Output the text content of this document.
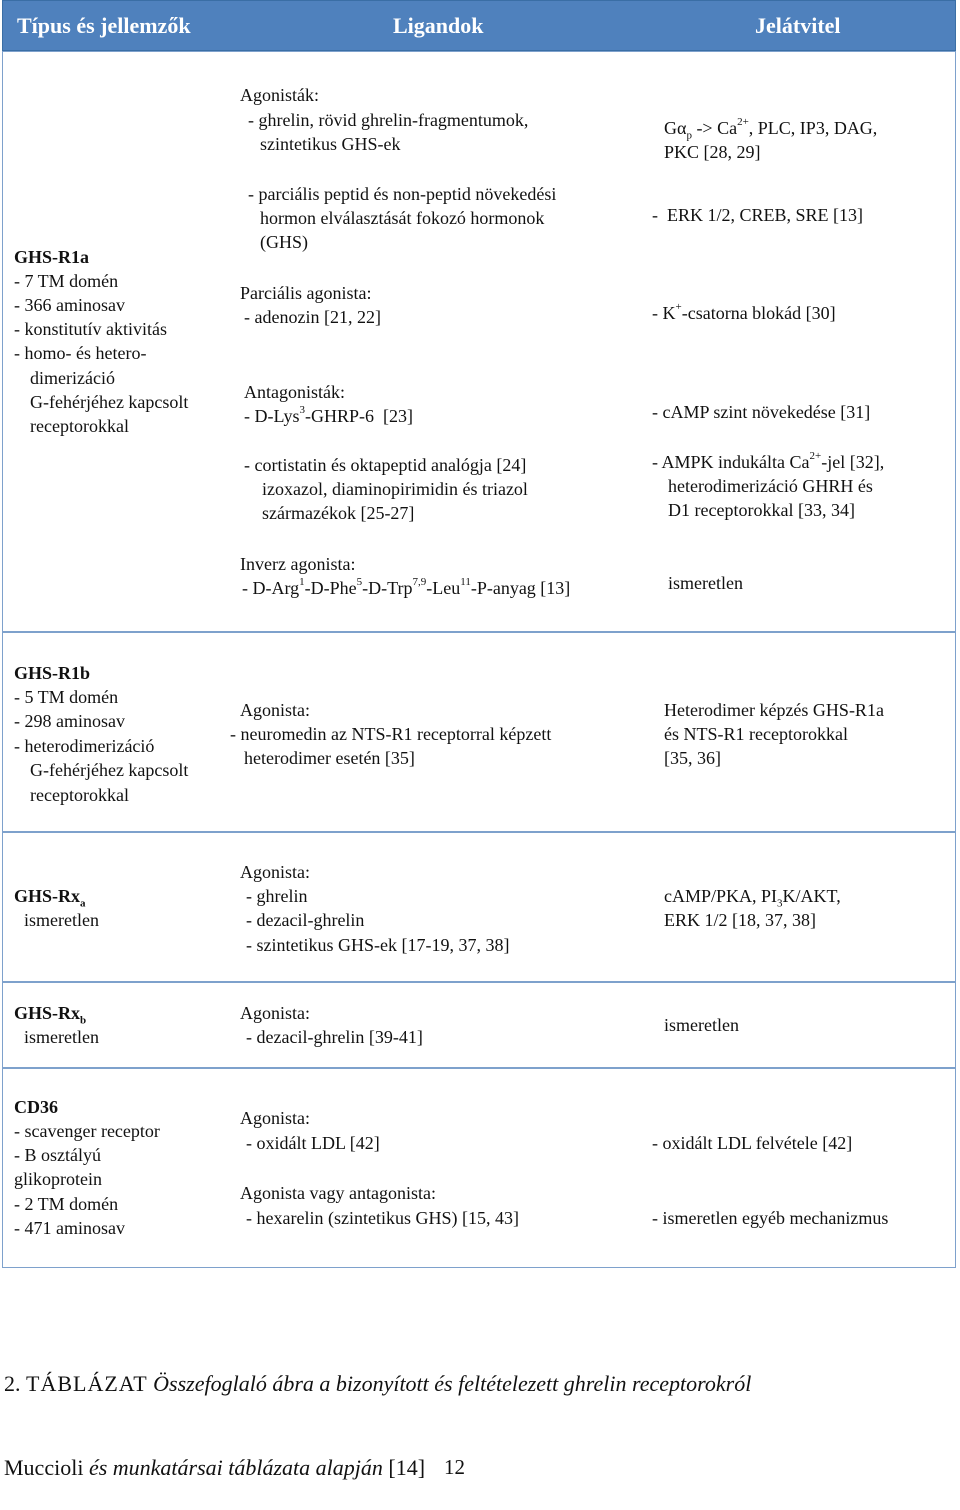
Típus és jellemzők	Ligandok	Jelátvitel
GHS-R1a
- 7 TM domén
- 366 aminosav
- konstitutív aktivitás
- homo- és hetero-
dimerizáció
G-fehérjéhez kapcsolt
receptorokkal
Agonisták:
- ghrelin, rövid ghrelin-fragmentumok,
szintetikus GHS-ek
- parciális peptid és non-peptid növekedési
hormon elválasztását fokozó hormonok
(GHS)
Parciális agonista:
- adenozin [21, 22]
Antagonisták:
- D-Lys$^3$-GHRP-6  [23]
- cortistatin és oktapeptid analógja [24]
izoxazol, diaminopirimidin és triazol
származékok [25-27]
Inverz agonista:
- D-Arg$^1$-D-Phe$^5$-D-Trp$^{7,9}$-Leu$^{11}$-P-anyag [13]
$G\alpha_p -> Ca^{2+}$, PLC, IP3, DAG,
PKC [28, 29]
-  ERK 1/2, CREB, SRE [13]
- K+-csatorna blokád [30]
- cAMP szint növekedése [31]
- AMPK indukálta $Ca^{2+}$-jel [32],
heterodimerizáció GHRH és
D1 receptorokkal [33, 34]
ismeretlen
GHS-R1b
- 5 TM domén
- 298 aminosav
- heterodimerizáció
G-fehérjéhez kapcsolt
receptorokkal
Agonista:
- neuromedin az NTS-R1 receptorral képzett
heterodimer esetén [35]
Heterodimer képzés GHS-R1a
és NTS-R1 receptorokkal
[35, 36]
GHS-$Rx_a$
ismeretlen
Agonista:
- ghrelin
- dezacil-ghrelin
- szintetikus GHS-ek [17-19, 37, 38]
cAMP/PKA, $PI_3K$/AKT,
ERK 1/2 [18, 37, 38]
GHS-$Rx_b$
ismeretlen
Agonista:
- dezacil-ghrelin [39-41]
ismeretlen
CD36
- scavenger receptor
- B osztályú
glikoprotein
- 2 TM domén
- 471 aminosav
Agonista:
- oxidált LDL [42]
Agonista vagy antagonista:
- hexarelin (szintetikus GHS) [15, 43]
- oxidált LDL felvétele [42]
- ismeretlen egyéb mechanizmus

2. TÁBLÁZAT Összefoglaló ábra a bizonyított és feltételezett ghrelin receptorokról

Muccioli és munkatársai táblázata alapján [14] 12
